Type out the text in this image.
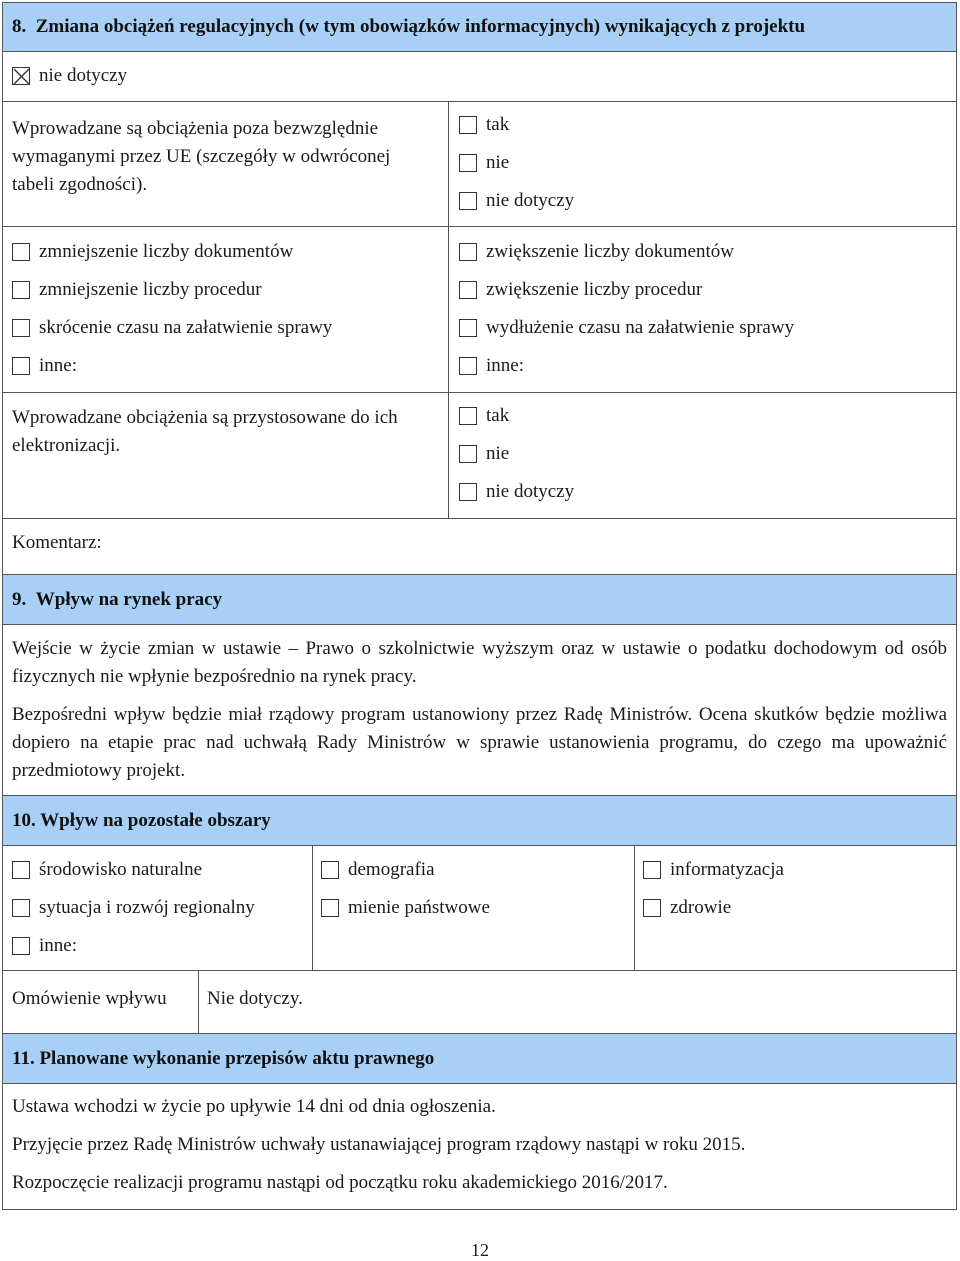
8.  Zmiana obciążeń regulacyjnych (w tym obowiązków informacyjnych) wynikających z projektu
nie dotyczy
Wprowadzane są obciążenia poza bezwzględnie wymaganymi przez UE (szczegóły w odwróconej tabeli zgodności).
tak
nie
nie dotyczy
zmniejszenie liczby dokumentów
zmniejszenie liczby procedur
skrócenie czasu na załatwienie sprawy
inne:
zwiększenie liczby dokumentów
zwiększenie liczby procedur
wydłużenie czasu na załatwienie sprawy
inne:
Wprowadzane obciążenia są przystosowane do ich elektronizacji.
tak
nie
nie dotyczy
Komentarz:
9.  Wpływ na rynek pracy
Wejście w życie zmian w ustawie – Prawo o szkolnictwie wyższym oraz w ustawie o podatku dochodowym od osób fizycznych nie wpłynie bezpośrednio na rynek pracy.
Bezpośredni wpływ będzie miał rządowy program ustanowiony przez Radę Ministrów. Ocena skutków będzie możliwa dopiero na etapie prac nad uchwałą Rady Ministrów w sprawie ustanowienia programu, do czego ma upoważnić przedmiotowy projekt.
10. Wpływ na pozostałe obszary
środowisko naturalne
sytuacja i rozwój regionalny
inne:
demografia
mienie państwowe
informatyzacja
zdrowie
Omówienie wpływu	Nie dotyczy.
11. Planowane wykonanie przepisów aktu prawnego
Ustawa wchodzi w życie po upływie 14 dni od dnia ogłoszenia.
Przyjęcie przez Radę Ministrów uchwały ustanawiającej program rządowy nastąpi w roku 2015.
Rozpoczęcie realizacji programu nastąpi od początku roku akademickiego 2016/2017.
12
